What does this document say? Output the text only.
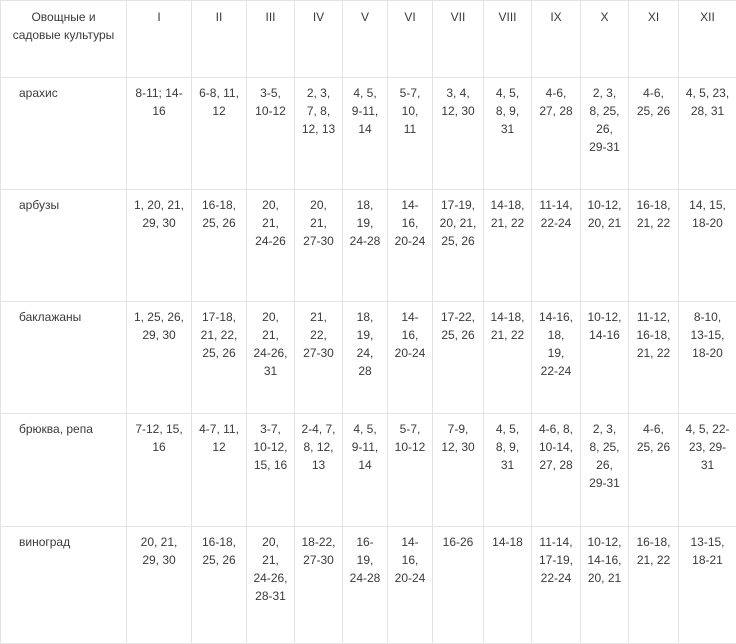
Овощные и садовые культуры	I	II	III	IV	V	VI	VII	VIII	IX	X	XI	XII

арахис	8-11; 14-16	6-8, 11, 12	3-5, 10-12	2, 3, 7, 8, 12, 13	4, 5, 9-11, 14	5-7, 10, 11	3, 4, 12, 30	4, 5, 8, 9, 31	4-6, 27, 28	2, 3, 8, 25, 26, 29-31	4-6, 25, 26	4, 5, 23, 28, 31

арбузы	1, 20, 21, 29, 30	16-18, 25, 26	20, 21, 24-26	20, 21, 27-30	18, 19, 24-28	14-16, 20-24	17-19, 20, 21, 25, 26	14-18, 21, 22	11-14, 22-24	10-12, 20, 21	16-18, 21, 22	14, 15, 18-20

баклажаны	1, 25, 26, 29, 30	17-18, 21, 22, 25, 26	20, 21, 24-26, 31	21, 22, 27-30	18, 19, 24, 28	14-16, 20-24	17-22, 25, 26	14-18, 21, 22	14-16, 18, 19, 22-24	10-12, 14-16	11-12, 16-18, 21, 22	8-10, 13-15, 18-20

брюква, репа	7-12, 15, 16	4-7, 11, 12	3-7, 10-12, 15, 16	2-4, 7, 8, 12, 13	4, 5, 9-11, 14	5-7, 10-12	7-9, 12, 30	4, 5, 8, 9, 31	4-6, 8, 10-14, 27, 28	2, 3, 8, 25, 26, 29-31	4-6, 25, 26	4, 5, 22-23, 29-31

виноград	20, 21, 29, 30	16-18, 25, 26	20, 21, 24-26, 28-31	18-22, 27-30	16-19, 24-28	14-16, 20-24	16-26	14-18	11-14, 17-19, 22-24	10-12, 14-16, 20, 21	16-18, 21, 22	13-15, 18-21
